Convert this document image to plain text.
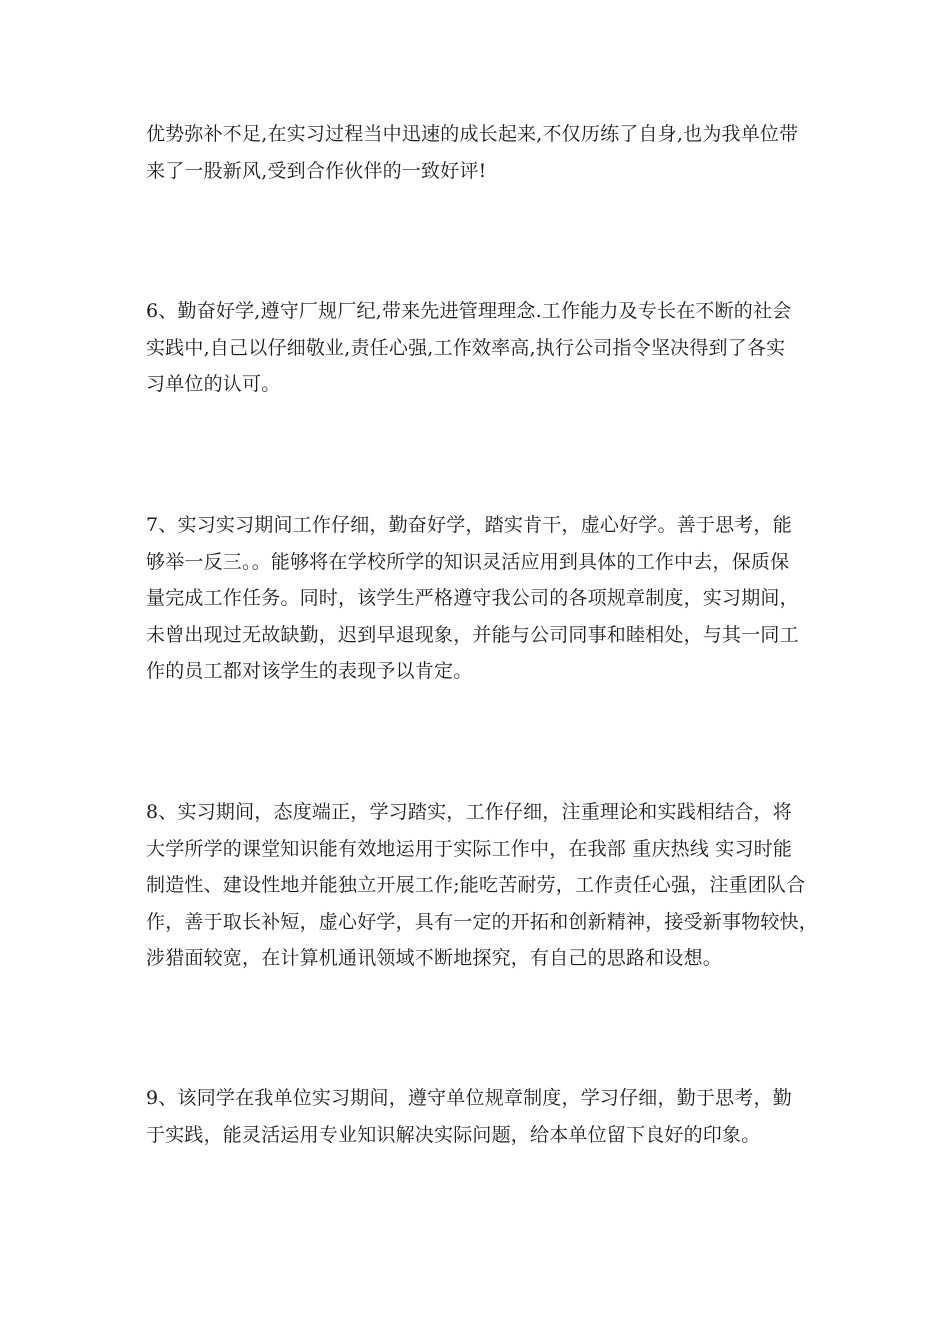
优势弥补不足,在实习过程当中迅速的成长起来,不仅历练了自身,也为我单位带
来了一股新风,受到合作伙伴的一致好评!

6、勤奋好学,遵守厂规厂纪,带来先进管理理念.工作能力及专长在不断的社会
实践中,自己以仔细敬业,责任心强,工作效率高,执行公司指令坚决得到了各实
习单位的认可。

7、实习实习期间工作仔细，勤奋好学，踏实肯干，虚心好学。善于思考，能
够举一反三。。能够将在学校所学的知识灵活应用到具体的工作中去，保质保
量完成工作任务。同时，该学生严格遵守我公司的各项规章制度，实习期间，
未曾出现过无故缺勤，迟到早退现象，并能与公司同事和睦相处，与其一同工
作的员工都对该学生的表现予以肯定。

8、实习期间，态度端正，学习踏实，工作仔细，注重理论和实践相结合，将
大学所学的课堂知识能有效地运用于实际工作中，在我部 重庆热线 实习时能
制造性、建设性地并能独立开展工作;能吃苦耐劳，工作责任心强，注重团队合
作，善于取长补短，虚心好学，具有一定的开拓和创新精神，接受新事物较快，
涉猎面较宽，在计算机通讯领域不断地探究，有自己的思路和设想。

9、该同学在我单位实习期间，遵守单位规章制度，学习仔细，勤于思考，勤
于实践，能灵活运用专业知识解决实际问题，给本单位留下良好的印象。
